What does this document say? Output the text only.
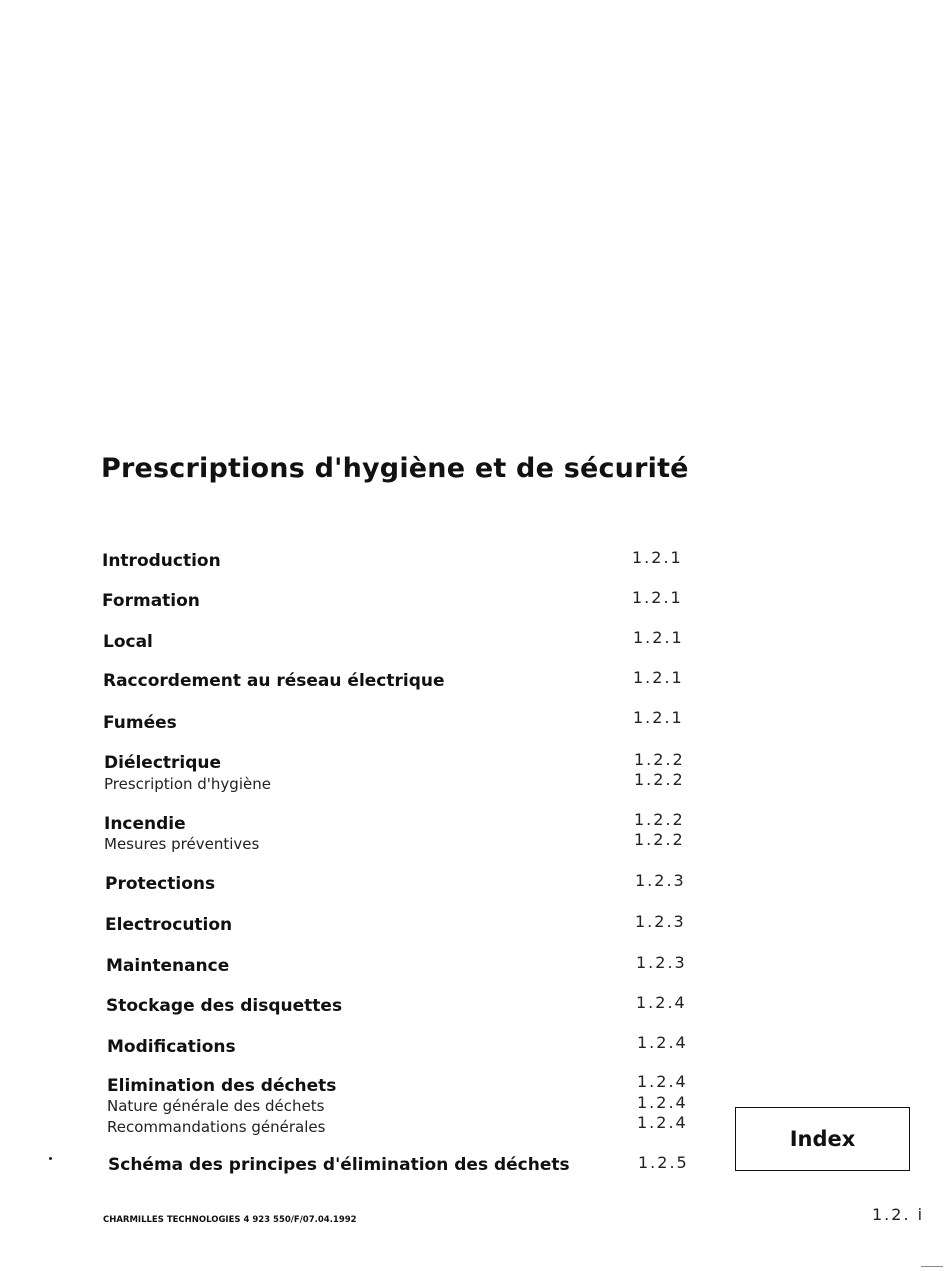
Prescriptions d'hygiène et de sécurité
Introduction	1.2.1
Formation	1.2.1
Local	1.2.1
Raccordement au réseau électrique	1.2.1
Fumées	1.2.1
Diélectrique	1.2.2
Prescription d'hygiène	1.2.2
Incendie	1.2.2
Mesures préventives	1.2.2
Protections	1.2.3
Electrocution	1.2.3
Maintenance	1.2.3
Stockage des disquettes	1.2.4
Modifications	1.2.4
Elimination des déchets	1.2.4
Nature générale des déchets	1.2.4
Recommandations générales	1.2.4
Schéma des principes d'élimination des déchets	1.2.5
Index
CHARMILLES TECHNOLOGIES 4 923 550/F/07.04.1992	1.2. i
